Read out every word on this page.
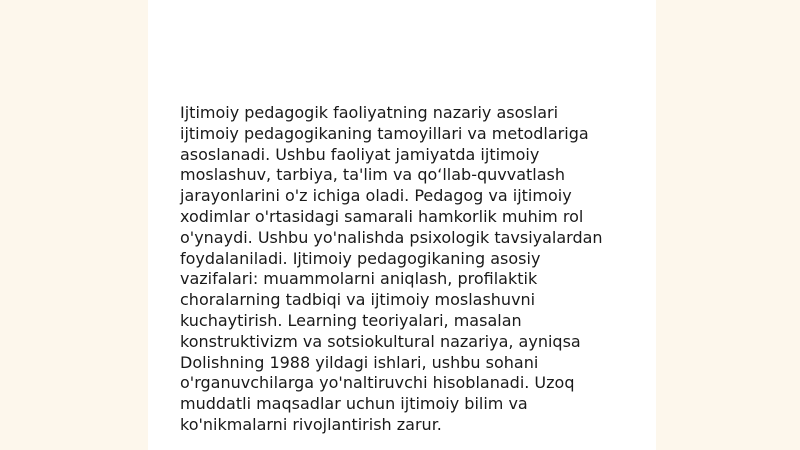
Ijtimoiy pedagogik faoliyatning nazariy asoslari
ijtimoiy pedagogikaning tamoyillari va metodlariga
asoslanadi. Ushbu faoliyat jamiyatda ijtimoiy
moslashuv, tarbiya, ta'lim va qo‘llab-quvvatlash
jarayonlarini o'z ichiga oladi. Pedagog va ijtimoiy
xodimlar o'rtasidagi samarali hamkorlik muhim rol
o'ynaydi. Ushbu yo'nalishda psixologik tavsiyalardan
foydalaniladi. Ijtimoiy pedagogikaning asosiy
vazifalari: muammolarni aniqlash, profilaktik
choralarning tadbiqi va ijtimoiy moslashuvni
kuchaytirish. Learning teoriyalari, masalan
konstruktivizm va sotsiokultural nazariya, ayniqsa
Dolishning 1988 yildagi ishlari, ushbu sohani
o'rganuvchilarga yo'naltiruvchi hisoblanadi. Uzoq
muddatli maqsadlar uchun ijtimoiy bilim va
ko'nikmalarni rivojlantirish zarur.
